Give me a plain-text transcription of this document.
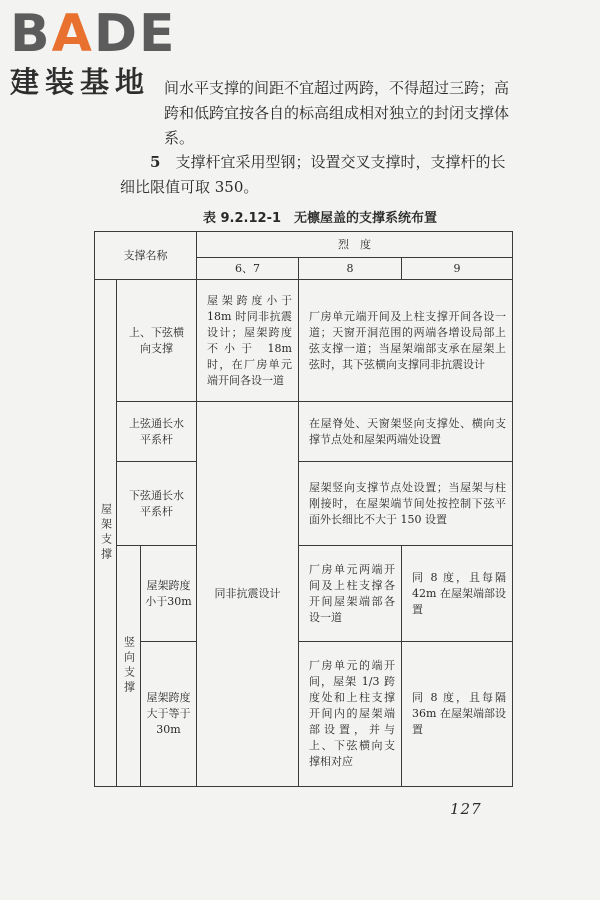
BADE
建装基地 间水平支撑的间距不宜超过两跨，不得超过三跨；高跨和低跨宜按各自的标高组成相对独立的封闭支撑体系。

5　 支撑杆宜采用型钢；设置交叉支撑时，支撑杆的长细比限值可取 350。

表 9.2.12-1　无檩屋盖的支撑系统布置
支撑名称			烈　度		
			6、7	8	9

屋架支撑	上、下弦横向支撑		屋架跨度小于18m 时同非抗震设计；屋架跨度不小于 18m 时，在厂房单元端开间各设一道	厂房单元端开间及上柱支撑开间各设一道；天窗开洞范围的两端各增设局部上弦支撑一道；当屋架端部支承在屋架上弦时，其下弦横向支撑同非抗震设计	

	上弦通长水平系杆		同非抗震设计	在屋脊处、天窗架竖向支撑处、横向支撑节点处和屋架两端处设置	

	下弦通长水平系杆			屋架竖向支撑节点处设置；当屋架与柱刚接时，在屋架端节间处按控制下弦平面外长细比不大于 150 设置	

	竖向支撑	屋架跨度小于30m		厂房单元两端开间及上柱支撑各开间屋架端部各设一道	同 8 度，且每隔 42m 在屋架端部设置

		屋架跨度大于等于 30m		厂房单元的端开间，屋架 1/3 跨度处和上柱支撑开间内的屋架端部设置，并与上、下弦横向支撑相对应	同 8 度，且每隔 36m 在屋架端部设置
127
